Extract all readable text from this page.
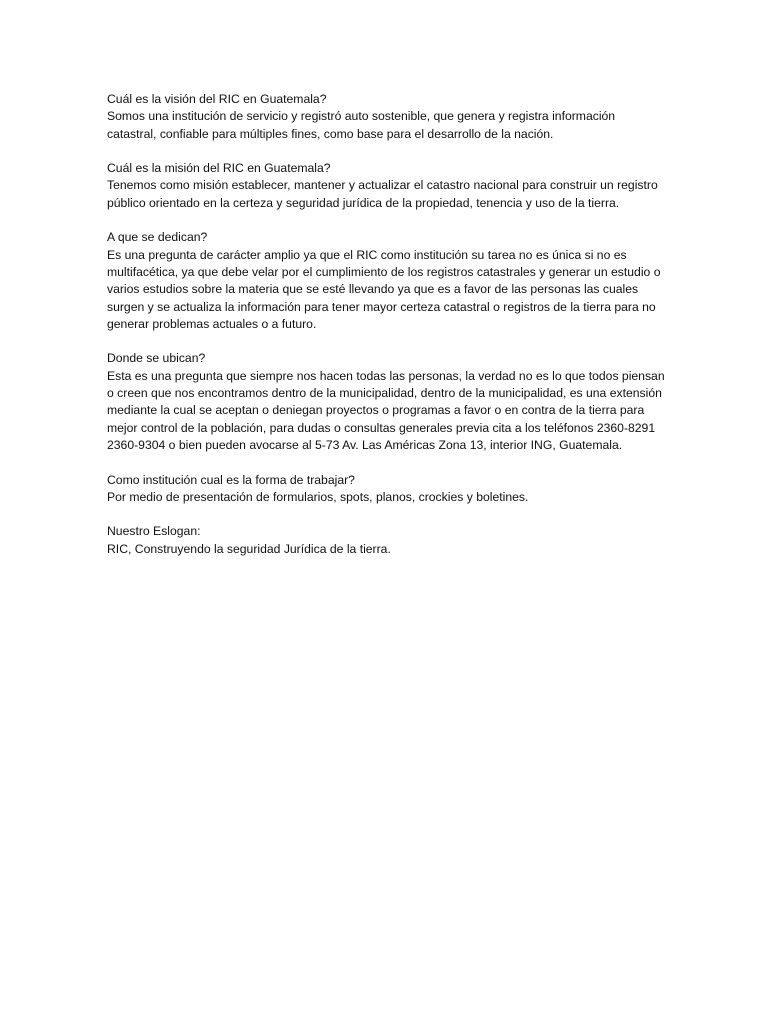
Cuál es la visión del RIC en Guatemala?
Somos una institución de servicio y registró auto sostenible, que genera y registra información catastral, confiable para múltiples fines, como base para el desarrollo de la nación.
Cuál es la misión del RIC en Guatemala?
Tenemos como misión establecer, mantener y actualizar el catastro nacional para construir un registro público orientado en la certeza y seguridad jurídica de la propiedad, tenencia y uso de la tierra.
A que se dedican?
Es una pregunta de carácter amplio ya que el RIC como institución su tarea no es única si no es multifacética, ya que debe velar por el cumplimiento de los registros catastrales y generar un estudio o varios estudios sobre la materia que se esté llevando ya que es a favor de las personas las cuales surgen y se actualiza la información para tener mayor certeza catastral o registros de la tierra para no generar problemas actuales o a futuro.
Donde se ubican?
Esta es una pregunta que siempre nos hacen todas las personas, la verdad no es lo que todos piensan o creen que nos encontramos dentro de la municipalidad, dentro de la municipalidad, es una extensión mediante la cual se aceptan o deniegan proyectos o programas a favor o en contra de la tierra para mejor control de la población, para dudas o consultas generales previa cita a los teléfonos 2360-8291 2360-9304 o bien pueden avocarse al 5-73 Av. Las Américas Zona 13, interior ING, Guatemala.
Como institución cual es la forma de trabajar?
Por medio de presentación de formularios, spots, planos, crockies y boletines.
Nuestro Eslogan:
RIC, Construyendo la seguridad Jurídica de la tierra.
